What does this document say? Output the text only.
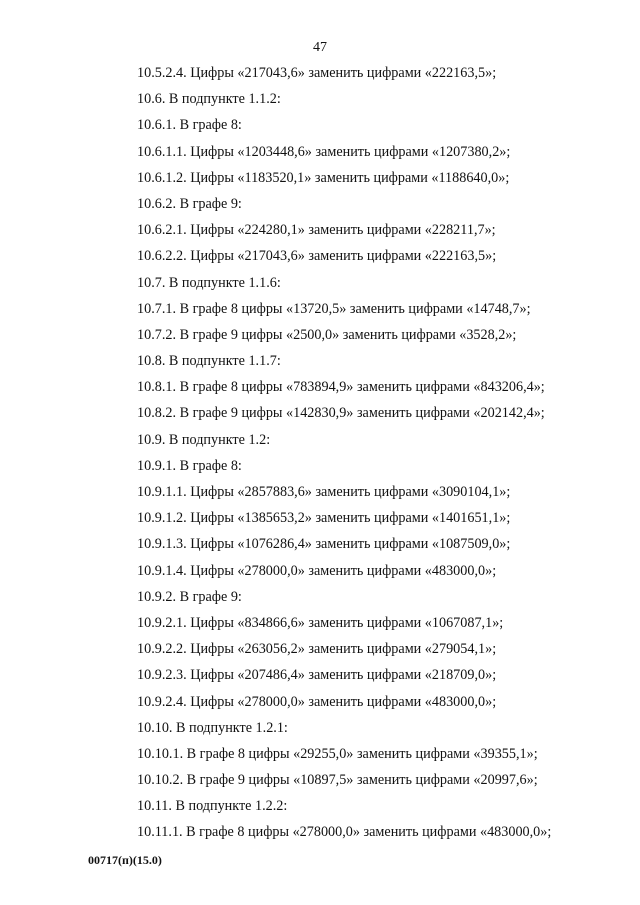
47
10.5.2.4. Цифры «217043,6» заменить цифрами «222163,5»;
10.6. В подпункте 1.1.2:
10.6.1. В графе 8:
10.6.1.1. Цифры «1203448,6» заменить цифрами «1207380,2»;
10.6.1.2. Цифры «1183520,1» заменить цифрами «1188640,0»;
10.6.2. В графе 9:
10.6.2.1. Цифры «224280,1» заменить цифрами «228211,7»;
10.6.2.2. Цифры «217043,6» заменить цифрами «222163,5»;
10.7. В подпункте 1.1.6:
10.7.1. В графе 8 цифры «13720,5» заменить цифрами «14748,7»;
10.7.2. В графе 9 цифры «2500,0» заменить цифрами «3528,2»;
10.8. В подпункте 1.1.7:
10.8.1. В графе 8 цифры «783894,9» заменить цифрами «843206,4»;
10.8.2. В графе 9 цифры «142830,9» заменить цифрами «202142,4»;
10.9. В подпункте 1.2:
10.9.1. В графе 8:
10.9.1.1. Цифры «2857883,6» заменить цифрами «3090104,1»;
10.9.1.2. Цифры «1385653,2» заменить цифрами «1401651,1»;
10.9.1.3. Цифры «1076286,4» заменить цифрами «1087509,0»;
10.9.1.4. Цифры «278000,0» заменить цифрами «483000,0»;
10.9.2. В графе 9:
10.9.2.1. Цифры «834866,6» заменить цифрами «1067087,1»;
10.9.2.2. Цифры «263056,2» заменить цифрами «279054,1»;
10.9.2.3. Цифры «207486,4» заменить цифрами «218709,0»;
10.9.2.4. Цифры «278000,0» заменить цифрами «483000,0»;
10.10. В подпункте 1.2.1:
10.10.1. В графе 8 цифры «29255,0» заменить цифрами «39355,1»;
10.10.2. В графе 9 цифры «10897,5» заменить цифрами «20997,6»;
10.11. В подпункте 1.2.2:
10.11.1. В графе 8 цифры «278000,0» заменить цифрами «483000,0»;
00717(п)(15.0)
